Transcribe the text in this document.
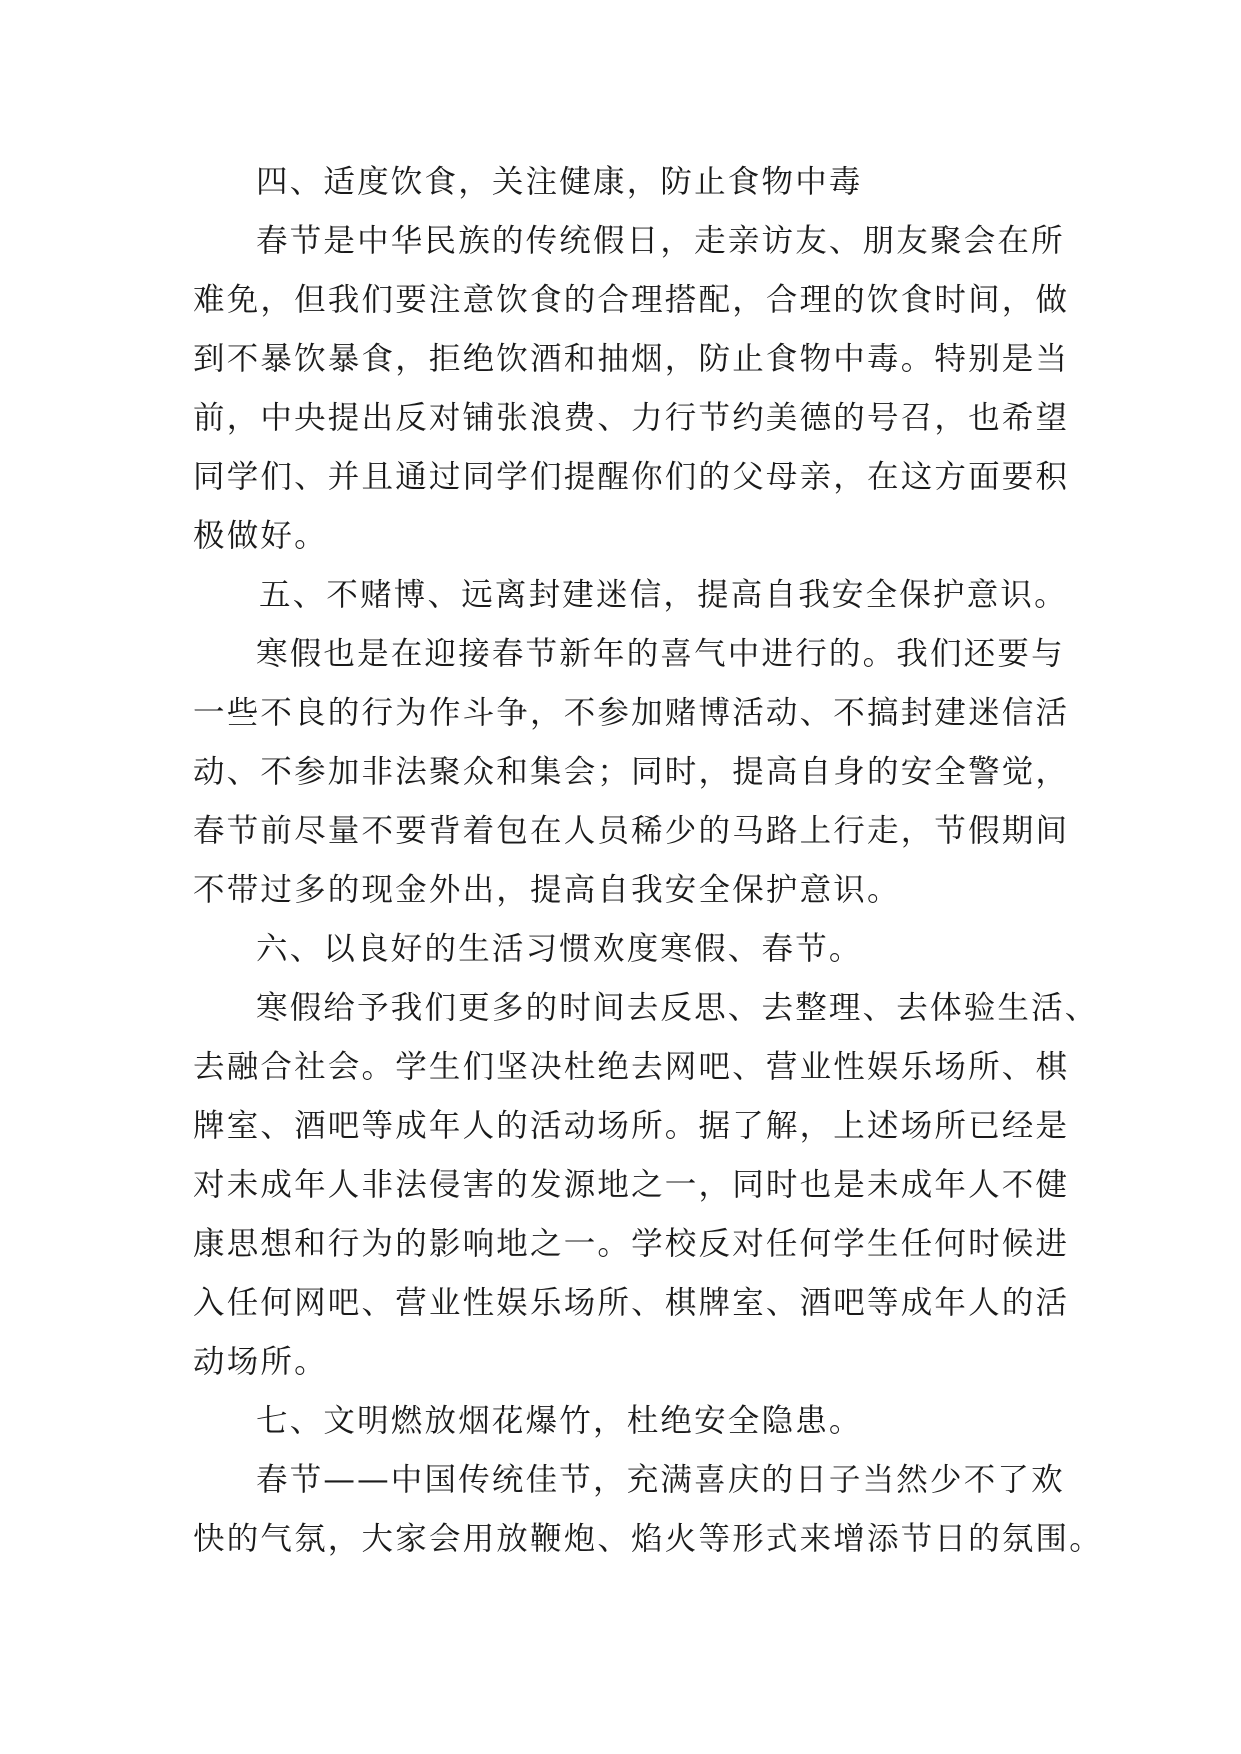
四、适度饮食，关注健康，防止食物中毒
春节是中华民族的传统假日，走亲访友、朋友聚会在所
难免，但我们要注意饮食的合理搭配，合理的饮食时间，做
到不暴饮暴食，拒绝饮酒和抽烟，防止食物中毒。特别是当
前，中央提出反对铺张浪费、力行节约美德的号召，也希望
同学们、并且通过同学们提醒你们的父母亲，在这方面要积
极做好。
五、不赌博、远离封建迷信，提高自我安全保护意识。
寒假也是在迎接春节新年的喜气中进行的。我们还要与
一些不良的行为作斗争，不参加赌博活动、不搞封建迷信活
动、不参加非法聚众和集会；同时，提高自身的安全警觉，
春节前尽量不要背着包在人员稀少的马路上行走，节假期间
不带过多的现金外出，提高自我安全保护意识。
六、以良好的生活习惯欢度寒假、春节。
寒假给予我们更多的时间去反思、去整理、去体验生活、
去融合社会。学生们坚决杜绝去网吧、营业性娱乐场所、棋
牌室、酒吧等成年人的活动场所。据了解，上述场所已经是
对未成年人非法侵害的发源地之一，同时也是未成年人不健
康思想和行为的影响地之一。学校反对任何学生任何时候进
入任何网吧、营业性娱乐场所、棋牌室、酒吧等成年人的活
动场所。
七、文明燃放烟花爆竹，杜绝安全隐患。
春节——中国传统佳节，充满喜庆的日子当然少不了欢
快的气氛，大家会用放鞭炮、焰火等形式来增添节日的氛围。
